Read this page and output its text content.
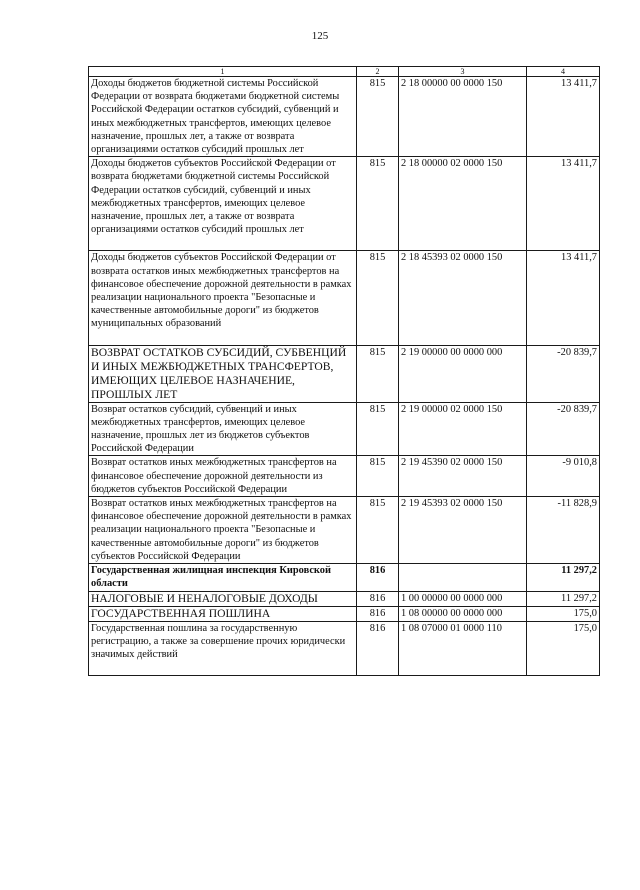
125
1	2	3	4
Доходы бюджетов бюджетной системы Российской Федерации от возврата бюджетами бюджетной системы Российской Федерации остатков субсидий, субвенций и иных межбюджетных трансфертов, имеющих целевое назначение, прошлых лет, а также от возврата организациями остатков субсидий прошлых лет	815	2 18 00000 00 0000 150	13 411,7
Доходы бюджетов субъектов Российской Федерации от возврата бюджетами бюджетной системы Российской Федерации остатков субсидий, субвенций и иных межбюджетных трансфертов, имеющих целевое назначение, прошлых лет, а также от возврата организациями остатков субсидий прошлых лет	815	2 18 00000 02 0000 150	13 411,7
Доходы бюджетов субъектов Российской Федерации от возврата остатков иных межбюджетных трансфертов на финансовое обеспечение дорожной деятельности в рамках реализации национального проекта "Безопасные и качественные автомобильные дороги" из бюджетов муниципальных образований	815	2 18 45393 02 0000 150	13 411,7
ВОЗВРАТ ОСТАТКОВ СУБСИДИЙ, СУБВЕНЦИЙ И ИНЫХ МЕЖБЮДЖЕТНЫХ ТРАНСФЕРТОВ, ИМЕЮЩИХ ЦЕЛЕВОЕ НАЗНАЧЕНИЕ, ПРОШЛЫХ ЛЕТ	815	2 19 00000 00 0000 000	-20 839,7
Возврат остатков субсидий, субвенций и иных межбюджетных трансфертов, имеющих целевое назначение, прошлых лет из бюджетов субъектов Российской Федерации	815	2 19 00000 02 0000 150	-20 839,7
Возврат остатков иных межбюджетных трансфертов на финансовое обеспечение дорожной деятельности из бюджетов субъектов Российской Федерации	815	2 19 45390 02 0000 150	-9 010,8
Возврат остатков иных межбюджетных трансфертов на финансовое обеспечение дорожной деятельности в рамках реализации национального проекта "Безопасные и качественные автомобильные дороги" из бюджетов субъектов Российской Федерации	815	2 19 45393 02 0000 150	-11 828,9
Государственная жилищная инспекция Кировской области	816		11 297,2
НАЛОГОВЫЕ И НЕНАЛОГОВЫЕ ДОХОДЫ	816	1 00 00000 00 0000 000	11 297,2
ГОСУДАРСТВЕННАЯ ПОШЛИНА	816	1 08 00000 00 0000 000	175,0
Государственная пошлина за государственную регистрацию, а также за совершение прочих юридически значимых действий	816	1 08 07000 01 0000 110	175,0
